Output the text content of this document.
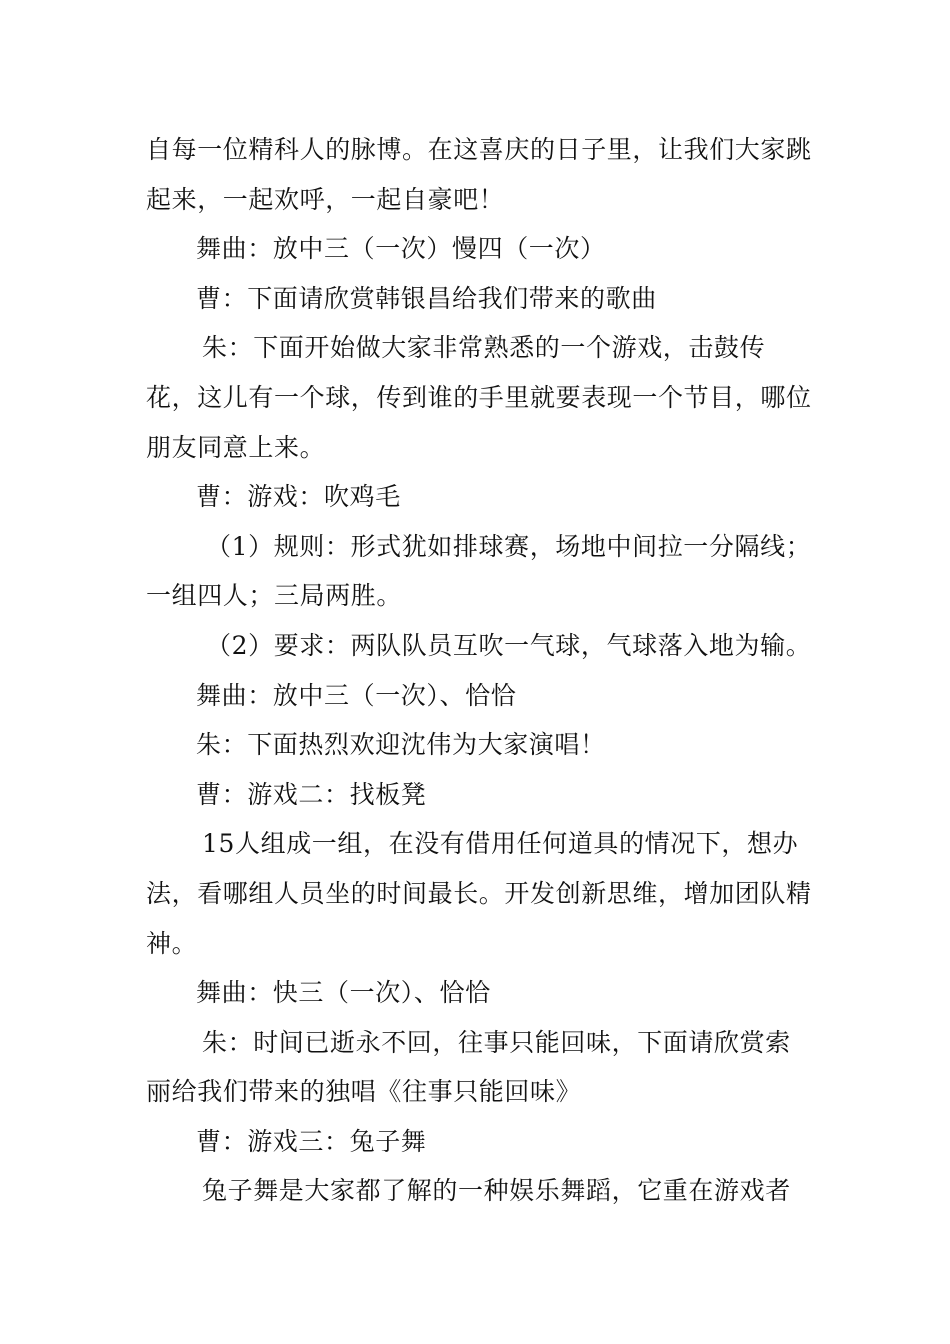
自每一位精科人的脉博。在这喜庆的日子里，让我们大家跳起来，一起欢呼，一起自豪吧！

舞曲：放中三（一次）慢四（一次）

曹：下面请欣赏韩银昌给我们带来的歌曲

朱：下面开始做大家非常熟悉的一个游戏，击鼓传花，这儿有一个球，传到谁的手里就要表现一个节目，哪位朋友同意上来。

曹：游戏：吹鸡毛

（1）规则：形式犹如排球赛，场地中间拉一分隔线；一组四人；三局两胜。

（2）要求：两队队员互吹一气球，气球落入地为输。

舞曲：放中三（一次）、恰恰

朱：下面热烈欢迎沈伟为大家演唱！

曹：游戏二：找板凳

15人组成一组，在没有借用任何道具的情况下，想办法，看哪组人员坐的时间最长。开发创新思维，增加团队精神。

舞曲：快三（一次）、恰恰

朱：时间已逝永不回，往事只能回味，下面请欣赏索丽给我们带来的独唱《往事只能回味》

曹：游戏三：兔子舞

兔子舞是大家都了解的一种娱乐舞蹈，它重在游戏者
